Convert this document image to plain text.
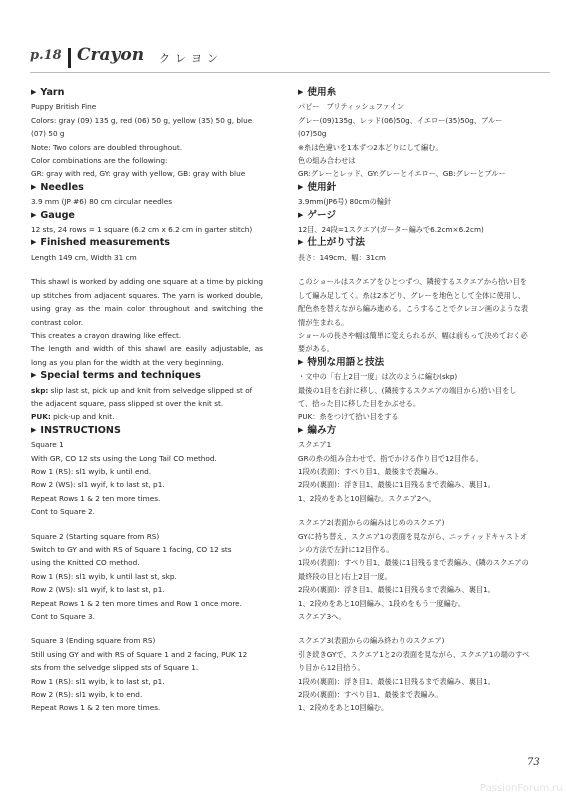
p.18 Crayon クレヨン
▶ Yarn
Puppy British Fine
Colors: gray (09) 135 g, red (06) 50 g, yellow (35) 50 g, blue
(07) 50 g
Note: Two colors are doubled throughout.
Color combinations are the following:
GR: gray with red, GY: gray with yellow, GB: gray with blue
▶ Needles
3.9 mm (JP #6) 80 cm circular needles
▶ Gauge
12 sts, 24 rows = 1 square (6.2 cm x 6.2 cm in garter stitch)
▶ Finished measurements
Length 149 cm, Width 31 cm
This shawl is worked by adding one square at a time by picking up stitches from adjacent squares. The yarn is worked double, using gray as the main color throughout and switching the contrast color.
This creates a crayon drawing like effect.
The length and width of this shawl are easily adjustable, as long as you plan for the width at the very beginning.
▶ Special terms and techniques
skp: slip last st, pick up and knit from selvedge slipped st of the adjacent square, pass slipped st over the knit st.
PUK: pick-up and knit.
▶ INSTRUCTIONS
Square 1
With GR, CO 12 sts using the Long Tail CO method.
Row 1 (RS): sl1 wyib, k until end.
Row 2 (WS): sl1 wyif, k to last st, p1.
Repeat Rows 1 & 2 ten more times.
Cont to Square 2.
Square 2 (Starting square from RS)
Switch to GY and with RS of Square 1 facing, CO 12 sts
using the Knitted CO method.
Row 1 (RS): sl1 wyib, k until last st, skp.
Row 2 (WS): sl1 wyif, k to last st, p1.
Repeat Rows 1 & 2 ten more times and Row 1 once more.
Cont to Square 3.
Square 3 (Ending square from RS)
Still using GY and with RS of Square 1 and 2 facing, PUK 12
sts from the selvedge slipped sts of Square 1.
Row 1 (RS): sl1 wyib, k to last st, p1.
Row 2 (RS): sl1 wyib, k to end.
Repeat Rows 1 & 2 ten more times.
▶ 使用糸
パピー　ブリティッシュファイン
グレー(09)135g、レッド(06)50g、イエロー(35)50g、ブルー
(07)50g
※糸は色違いを1本ずつ2本どりにして編む。
色の組み合わせは
GR:グレーとレッド、GY:グレーとイエロー、GB:グレーとブルー
▶ 使用針
3.9mm(JP6号) 80cmの輪針
▶ ゲージ
12目、24段=1スクエア(ガーター編みで6.2cm×6.2cm)
▶ 仕上がり寸法
長さ：149cm、幅：31cm
このショールはスクエアをひとつずつ、隣接するスクエアから拾い目をして編み足してく。糸は2本どり、グレーを地色として全体に使用し、配色糸を替えながら編み進める。こうすることでクレヨン画のような表情が生まれる。
ショールの長さや幅は簡単に変えられるが、幅は前もって決めておく必要がある。
▶ 特別な用語と技法
・文中の「右上2目一度」は次のように編む(skp)
最後の1目を右針に移し、(隣接するスクエアの端目から)拾い目をして、拾った目に移した目をかぶせる。
PUK：糸をつけて拾い目をする
▶ 編み方
スクエア1
GRの糸の組み合わせで、指でかける作り目で12目作る。
1段め(表面)：すべり目1、最後まで表編み。
2段め(裏面)：浮き目1、最後に1目残るまで表編み、裏目1。
1、2段めをあと10回編む。スクエア2へ。
スクエア2(表面からの編みはじめのスクエア)
GYに持ち替え、スクエア1の表面を見ながら、ニッティッドキャストオンの方法で左針に12目作る。
1段め(表面)：すべり目1、最後に1目残るまで表編み、(隣のスクエアの最終段の目と)右上2目一度。
2段め(裏面)：浮き目1、最後に1目残るまで表編み、裏目1。
1、2段めをあと10回編み、1段めをもう一度編む。
スクエア3へ。
スクエア3(表面からの編み終わりのスクエア)
引き続きGYで、スクエア1と2の表面を見ながら、スクエア1の端のすべり目から12目拾う。
1段め(裏面)：浮き目1、最後に1目残るまで表編み、裏目1。
2段め(裏面)：すべり目1、最後まで表編み。
1、2段めをあと10回編む。
73
PassionForum.ru
